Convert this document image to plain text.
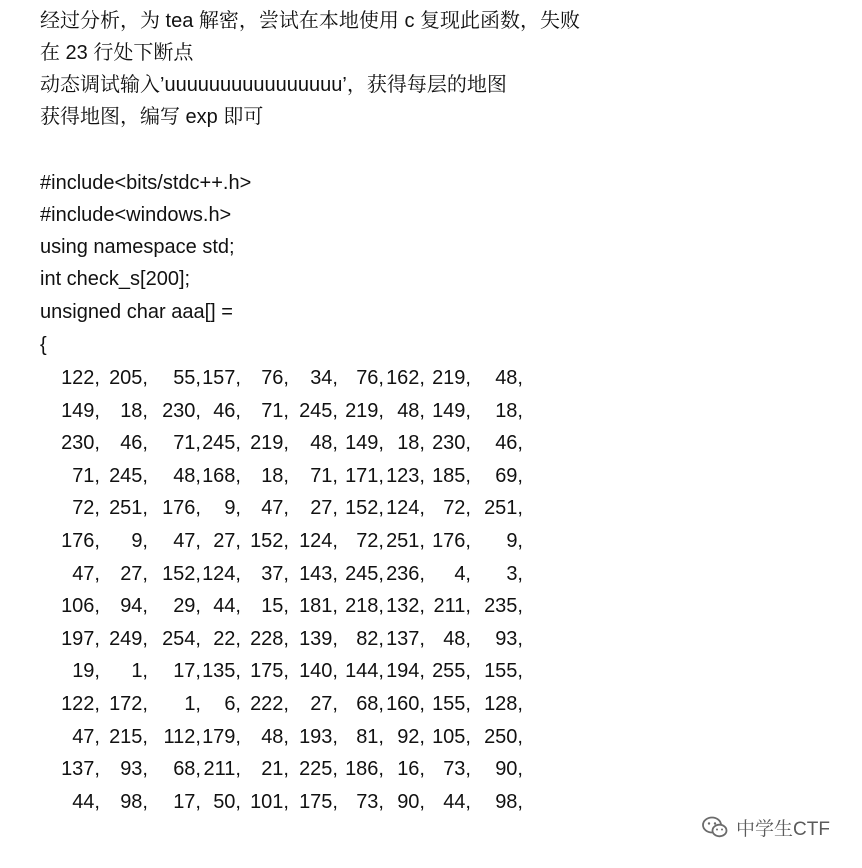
经过分析，为 tea 解密，尝试在本地使用 c 复现此函数，失败
在 23 行处下断点
动态调试输入’uuuuuuuuuuuuuuuu’，获得每层的地图
获得地图，编写 exp 即可
#include<bits/stdc++.h>
#include<windows.h>
using namespace std;
int check_s[200];
unsigned char aaa[] =
{
122, 205,	55, 157,	76,	34, 76, 162, 219,	48,
149,	18, 230, 46,	71, 245, 219, 48, 149,	18,
230,	46,	71, 245, 219,	48, 149, 18, 230,	46,
71, 245,	48, 168,	18,	71, 171, 123, 185,	69,
72, 251, 176,	9,	47,	27, 152, 124, 72, 251,
176,	9,	47, 27, 152, 124, 72, 251, 176,	9,
47,	27, 152, 124,	37, 143, 245, 236,	4,	3,
106,	94,	29, 44,	15, 181, 218, 132, 211, 235,
197, 249, 254, 22, 228, 139, 82, 137, 48,	93,
19,	1,	17, 135, 175, 140, 144, 194, 255, 155,
122, 172,	1,	6, 222,	27, 68, 160, 155, 128,
47, 215, 112, 179,	48, 193, 81, 92, 105, 250,
137,	93,	68, 211,	21, 225, 186, 16, 73,	90,
44,	98,	17, 50, 101, 175, 73, 90, 44,	98,
中学生CTF
